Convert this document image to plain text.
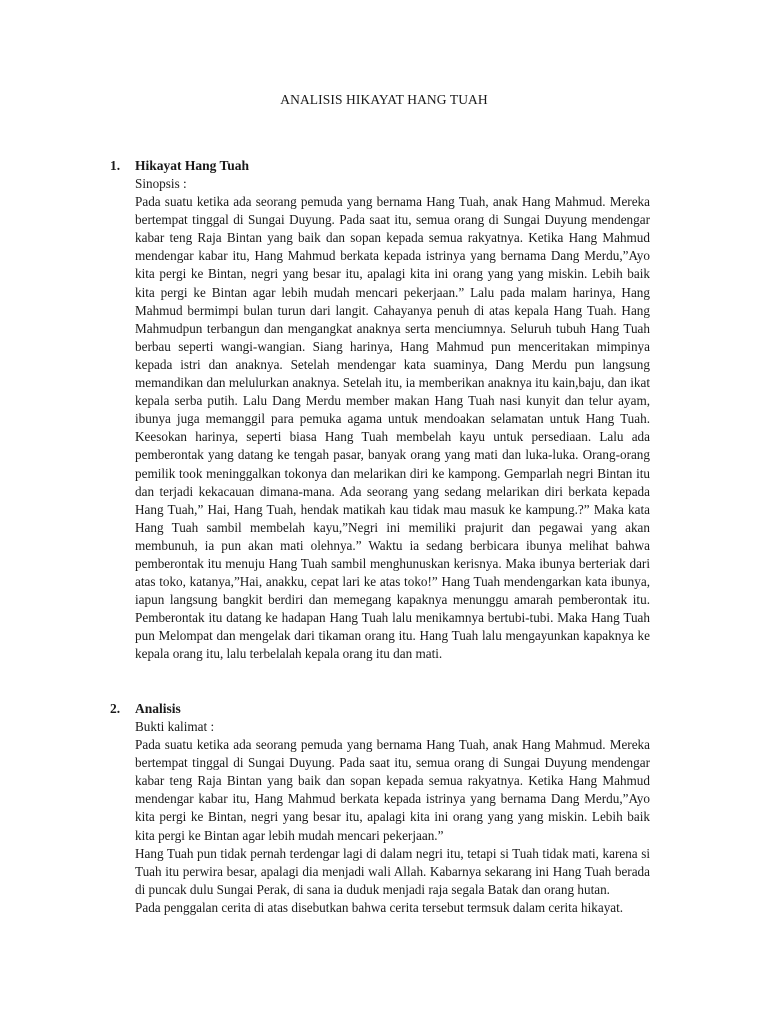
ANALISIS HIKAYAT HANG TUAH

1. Hikayat Hang Tuah

Sinopsis :

Pada suatu ketika ada seorang pemuda yang bernama Hang Tuah, anak Hang Mahmud. Mereka bertempat tinggal di Sungai Duyung. Pada saat itu, semua orang di Sungai Duyung mendengar kabar teng Raja Bintan yang baik dan sopan kepada semua rakyatnya. Ketika Hang Mahmud mendengar kabar itu, Hang Mahmud berkata kepada istrinya yang bernama Dang Merdu,”Ayo kita pergi ke Bintan, negri yang besar itu, apalagi kita ini orang yang yang miskin. Lebih baik kita pergi ke Bintan agar lebih mudah mencari pekerjaan.” Lalu pada malam harinya, Hang Mahmud bermimpi bulan turun dari langit. Cahayanya penuh di atas kepala Hang Tuah. Hang Mahmudpun terbangun dan mengangkat anaknya serta menciumnya. Seluruh tubuh Hang Tuah berbau seperti wangi-wangian. Siang harinya, Hang Mahmud pun menceritakan mimpinya kepada istri dan anaknya. Setelah mendengar kata suaminya, Dang Merdu pun langsung memandikan dan melulurkan anaknya. Setelah itu, ia memberikan anaknya itu kain,baju, dan ikat kepala serba putih. Lalu Dang Merdu member makan Hang Tuah nasi kunyit dan telur ayam, ibunya juga memanggil para pemuka agama untuk mendoakan selamatan untuk Hang Tuah. Keesokan harinya, seperti biasa Hang Tuah membelah kayu untuk persediaan. Lalu ada pemberontak yang datang ke tengah pasar, banyak orang yang mati dan luka-luka. Orang-orang pemilik took meninggalkan tokonya dan melarikan diri ke kampong. Gemparlah negri Bintan itu dan terjadi kekacauan dimana-mana. Ada seorang yang sedang melarikan diri berkata kepada Hang Tuah,” Hai, Hang Tuah, hendak matikah kau tidak mau masuk ke kampung.?” Maka kata Hang Tuah sambil membelah kayu,”Negri ini memiliki prajurit dan pegawai yang akan membunuh, ia pun akan mati olehnya.” Waktu ia sedang berbicara ibunya melihat bahwa pemberontak itu menuju Hang Tuah sambil menghunuskan kerisnya. Maka ibunya berteriak dari atas toko, katanya,”Hai, anakku, cepat lari ke atas toko!” Hang Tuah mendengarkan kata ibunya, iapun langsung bangkit berdiri dan memegang kapaknya menunggu amarah pemberontak itu. Pemberontak itu datang ke hadapan Hang Tuah lalu menikamnya bertubi-tubi. Maka Hang Tuah pun Melompat dan mengelak dari tikaman orang itu. Hang Tuah lalu mengayunkan kapaknya ke kepala orang itu, lalu terbelalah kepala orang itu dan mati.

2. Analisis

Bukti kalimat :

Pada suatu ketika ada seorang pemuda yang bernama Hang Tuah, anak Hang Mahmud. Mereka bertempat tinggal di Sungai Duyung. Pada saat itu, semua orang di Sungai Duyung mendengar kabar teng Raja Bintan yang baik dan sopan kepada semua rakyatnya. Ketika Hang Mahmud mendengar kabar itu, Hang Mahmud berkata kepada istrinya yang bernama Dang Merdu,”Ayo kita pergi ke Bintan, negri yang besar itu, apalagi kita ini orang yang yang miskin. Lebih baik kita pergi ke Bintan agar lebih mudah mencari pekerjaan.”

Hang Tuah pun tidak pernah terdengar lagi di dalam negri itu, tetapi si Tuah tidak mati, karena si Tuah itu perwira besar, apalagi dia menjadi wali Allah. Kabarnya sekarang ini Hang Tuah berada di puncak dulu Sungai Perak, di sana ia duduk menjadi raja segala Batak dan orang hutan.

Pada penggalan cerita di atas disebutkan bahwa cerita tersebut termsuk dalam cerita hikayat.
